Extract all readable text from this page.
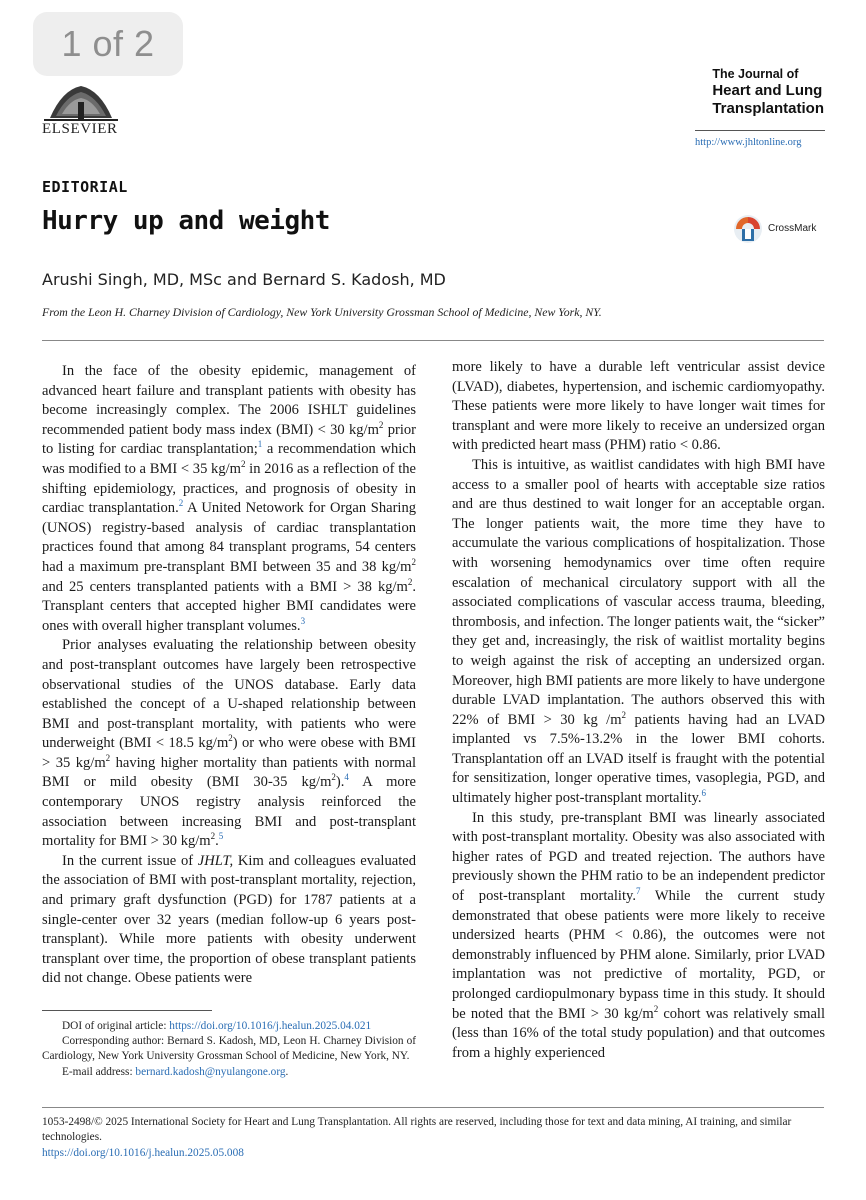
1 of 2
ELSEVIER
The Journal of
Heart and Lung
Transplantation
http://www.jhltonline.org
EDITORIAL
Hurry up and weight	CrossMark
Arushi Singh, MD, MSc and Bernard S. Kadosh, MD
From the Leon H. Charney Division of Cardiology, New York University Grossman School of Medicine, New York, NY.

In the face of the obesity epidemic, management of advanced heart failure and transplant patients with obesity has become increasingly complex. The 2006 ISHLT guidelines recommended patient body mass index (BMI) < 30 $kg/m^2$ prior to listing for cardiac transplantation;$^1$ a recommendation which was modified to a BMI < 35 $kg/m^2$ in 2016 as a reflection of the shifting epidemiology, practices, and prognosis of obesity in cardiac transplantation.$^2$ A United Netowork for Organ Sharing (UNOS) registry-based analysis of cardiac transplantation practices found that among 84 transplant programs, 54 centers had a maximum pre-transplant BMI between 35 and 38 $kg/m^2$ and 25 centers transplanted patients with a BMI > 38 $kg/m^2$. Transplant centers that accepted higher BMI candidates were ones with overall higher transplant volumes.$^3$

Prior analyses evaluating the relationship between obesity and post-transplant outcomes have largely been retrospective observational studies of the UNOS database. Early data established the concept of a U-shaped relationship between BMI and post-transplant mortality, with patients who were underweight (BMI < 18.5 $kg/m^2$) or who were obese with BMI > 35 $kg/m^2$ having higher mortality than patients with normal BMI or mild obesity (BMI 30-35 $kg/m^2).^4$ A more contemporary UNOS registry analysis reinforced the association between increasing BMI and post-transplant mortality for BMI > 30 $kg/m^2.^5$

In the current issue of JHLT, Kim and colleagues evaluated the association of BMI with post-transplant mortality, rejection, and primary graft dysfunction (PGD) for 1787 patients at a single-center over 32 years (median follow-up 6 years post-transplant). While more patients with obesity underwent transplant over time, the proportion of obese transplant patients did not change. Obese patients were

more likely to have a durable left ventricular assist device (LVAD), diabetes, hypertension, and ischemic cardiomyopathy. These patients were more likely to have longer wait times for transplant and were more likely to receive an undersized organ with predicted heart mass (PHM) ratio < 0.86.

This is intuitive, as waitlist candidates with high BMI have access to a smaller pool of hearts with acceptable size ratios and are thus destined to wait longer for an acceptable organ. The longer patients wait, the more time they have to accumulate the various complications of hospitalization. Those with worsening hemodynamics over time often require escalation of mechanical circulatory support with all the associated complications of vascular access trauma, bleeding, thrombosis, and infection. The longer patients wait, the “sicker” they get and, increasingly, the risk of waitlist mortality begins to weigh against the risk of accepting an undersized organ. Moreover, high BMI patients are more likely to have undergone durable LVAD implantation. The authors observed this with 22% of BMI > 30 kg $/m^2$ patients having had an LVAD implanted vs 7.5%-13.2% in the lower BMI cohorts. Transplantation off an LVAD itself is fraught with the potential for sensitization, longer operative times, vasoplegia, PGD, and ultimately higher post-transplant mortality.$^6$

In this study, pre-transplant BMI was linearly associated with post-transplant mortality. Obesity was also associated with higher rates of PGD and treated rejection. The authors have previously shown the PHM ratio to be an independent predictor of post-transplant mortality.$^7$ While the current study demonstrated that obese patients were more likely to receive undersized hearts (PHM < 0.86), the outcomes were not demonstrably influenced by PHM alone. Similarly, prior LVAD implantation was not predictive of mortality, PGD, or prolonged cardiopulmonary bypass time in this study. It should be noted that the BMI > 30 $kg/m^2$ cohort was relatively small (less than 16% of the total study population) and that outcomes from a highly experienced

DOI of original article: https://doi.org/10.1016/j.healun.2025.04.021

Corresponding author: Bernard S. Kadosh, MD, Leon H. Charney Division of Cardiology, New York University Grossman School of Medicine, New York, NY.

E-mail address: bernard.kadosh@nyulangone.org.

1053-2498/© 2025 International Society for Heart and Lung Transplantation. All rights are reserved, including those for text and data mining, AI training, and similar technologies.
https://doi.org/10.1016/j.healun.2025.05.008
